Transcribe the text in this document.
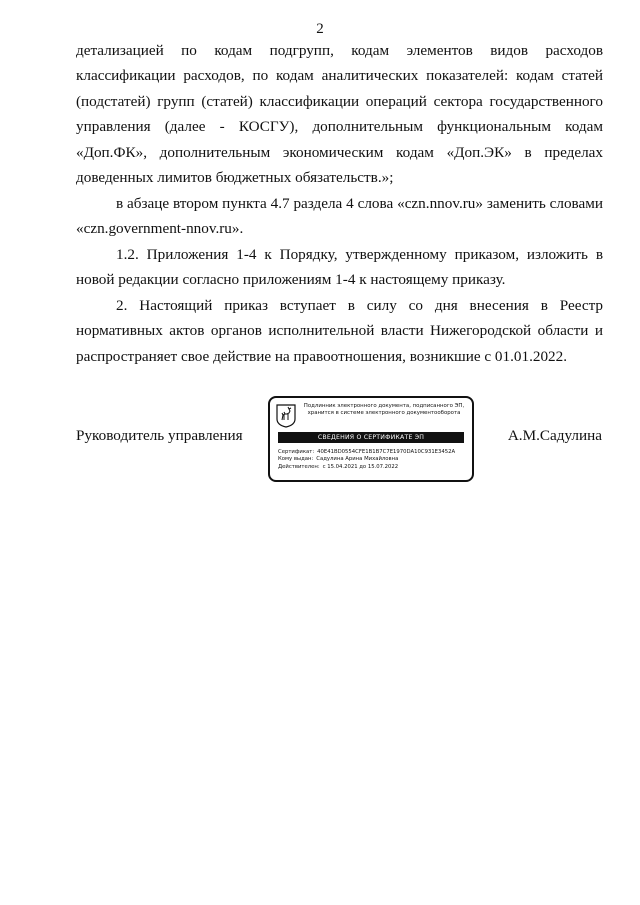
2

детализацией по кодам подгрупп, кодам элементов видов расходов классификации расходов, по кодам аналитических показателей: кодам статей (подстатей) групп (статей) классификации операций сектора государственного управления (далее - КОСГУ), дополнительным функциональным кодам «Доп.ФК», дополнительным экономическим кодам «Доп.ЭК» в пределах доведенных лимитов бюджетных обязательств.»;

в абзаце втором пункта 4.7 раздела 4 слова «czn.nnov.ru» заменить словами «czn.government-nnov.ru».

1.2. Приложения 1-4 к Порядку, утвержденному приказом, изложить в новой редакции согласно приложениям 1-4 к настоящему приказу.

2. Настоящий приказ вступает в силу со дня внесения в Реестр нормативных актов органов исполнительной власти Нижегородской области и распространяет свое действие на правоотношения, возникшие с 01.01.2022.

Руководитель управления
Подлинник электронного документа, подписанного ЭП,
хранится в системе электронного документооборота
СВЕДЕНИЯ О СЕРТИФИКАТЕ ЭП
Сертификат: 40E41BD0554CFE1B1B7C7E1970DA10C931E3452A
Кому выдан: Садулина Арина Михайловна
Действителен: с 15.04.2021 до 15.07.2022
А.М.Садулина
